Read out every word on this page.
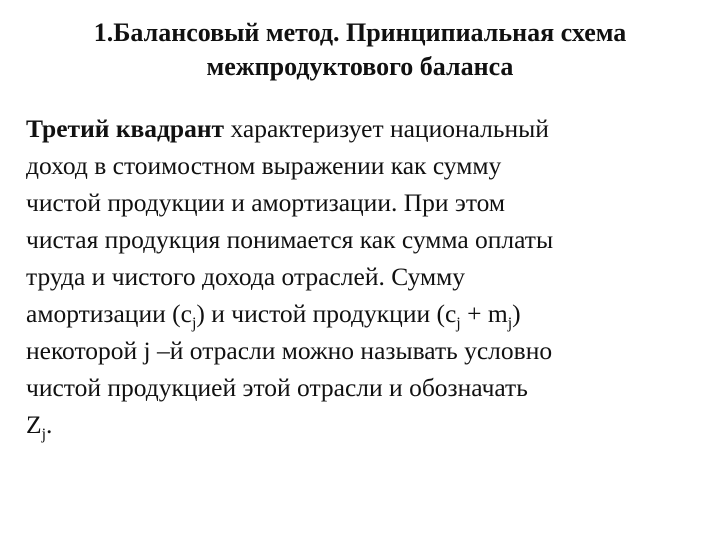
1.Балансовый метод. Принципиальная схема
межпродуктового баланса
Третий квадрант характеризует национальный
доход в стоимостном выражении как сумму
чистой продукции и амортизации. При этом
чистая продукция понимается как сумма оплаты
труда и чистого дохода отраслей. Сумму
амортизации $(c_j)$ и чистой продукции $(c_j + m_j)$
некоторой j –й отрасли можно называть условно
чистой продукцией этой отрасли и обозначать
$Z_j$.
